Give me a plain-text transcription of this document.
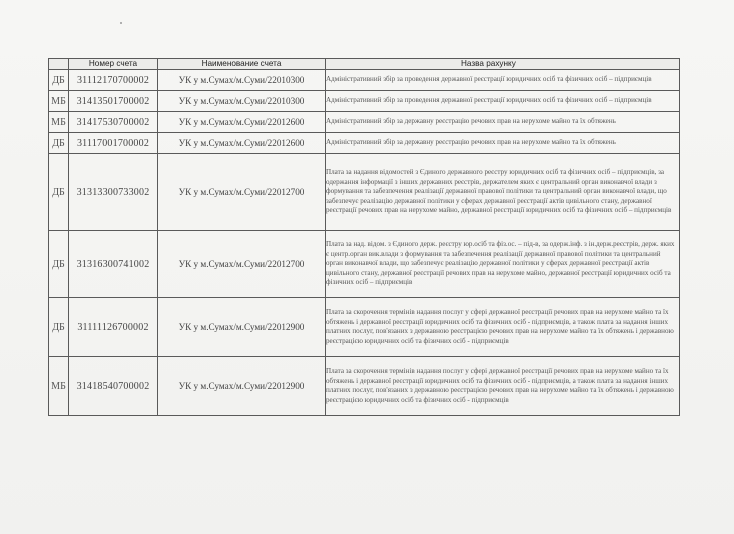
	Номер счета	Наименование счета	Назва рахунку
ДБ	31112170700002	УК у м.Сумах/м.Суми/22010300	Адміністративний збір за проведення державної реєстрації юридичних осіб та фізичних осіб – підприємців
МБ	31413501700002	УК у м.Сумах/м.Суми/22010300	Адміністративний збір за проведення державної реєстрації юридичних осіб та фізичних осіб – підприємців
МБ	31417530700002	УК у м.Сумах/м.Суми/22012600	Адміністративний збір за державну реєстрацію речових прав на нерухоме майно та їх обтяжень
ДБ	31117001700002	УК у м.Сумах/м.Суми/22012600	Адміністративний збір за державну реєстрацію речових прав на нерухоме майно та їх обтяжень
ДБ	31313300733002	УК у м.Сумах/м.Суми/22012700	Плата за надання відомостей з Єдиного державного реєстру юридичних осіб та фізичних осіб – підприємців, за одержання інформації з інших державних реєстрів, держателем яких є центральний орган виконавчої влади з формування та забезпечення реалізації державної правової політики та центральний орган виконавчої влади, що забезпечує реалізацію державної політики у сферах державної реєстрації актів цивільного стану, державної реєстрації речових прав на нерухоме майно, державної реєстрації юридичних осіб та фізичних осіб – підприємців
ДБ	31316300741002	УК у м.Сумах/м.Суми/22012700	Плата за над. відом. з Єдиного держ. реєстру юр.осіб та фіз.ос. – під-в, за одерж.інф. з ін.держ.реєстрів, держ. яких є центр.орган вик.влади з формування та забезпечення реалізації державної правової політики та центральний орган виконавчої влади, що забезпечує реалізацію державної політики у сферах державної реєстрації актів цивільного стану, державної реєстрації речових прав на нерухоме майно, державної реєстрації юридичних осіб та фізичних осіб – підприємців
ДБ	31111126700002	УК у м.Сумах/м.Суми/22012900	Плата за скорочення термінів надання послуг у сфері державної реєстрації речових прав на нерухоме майно та їх обтяжень і державної реєстрації юридичних осіб та фізичних осіб - підприємців, а також плата за надання інших платних послуг, пов'язаних з державною реєстрацією речових прав на нерухоме майно та їх обтяжень і державною реєстрацією юридичних осіб та фізичних осіб - підприємців
МБ	31418540700002	УК у м.Сумах/м.Суми/22012900	Плата за скорочення термінів надання послуг у сфері державної реєстрації речових прав на нерухоме майно та їх обтяжень і державної реєстрації юридичних осіб та фізичних осіб - підприємців, а також плата за надання інших платних послуг, пов'язаних з державною реєстрацією речових прав на нерухоме майно та їх обтяжень і державною реєстрацією юридичних осіб та фізичних осіб - підприємців
